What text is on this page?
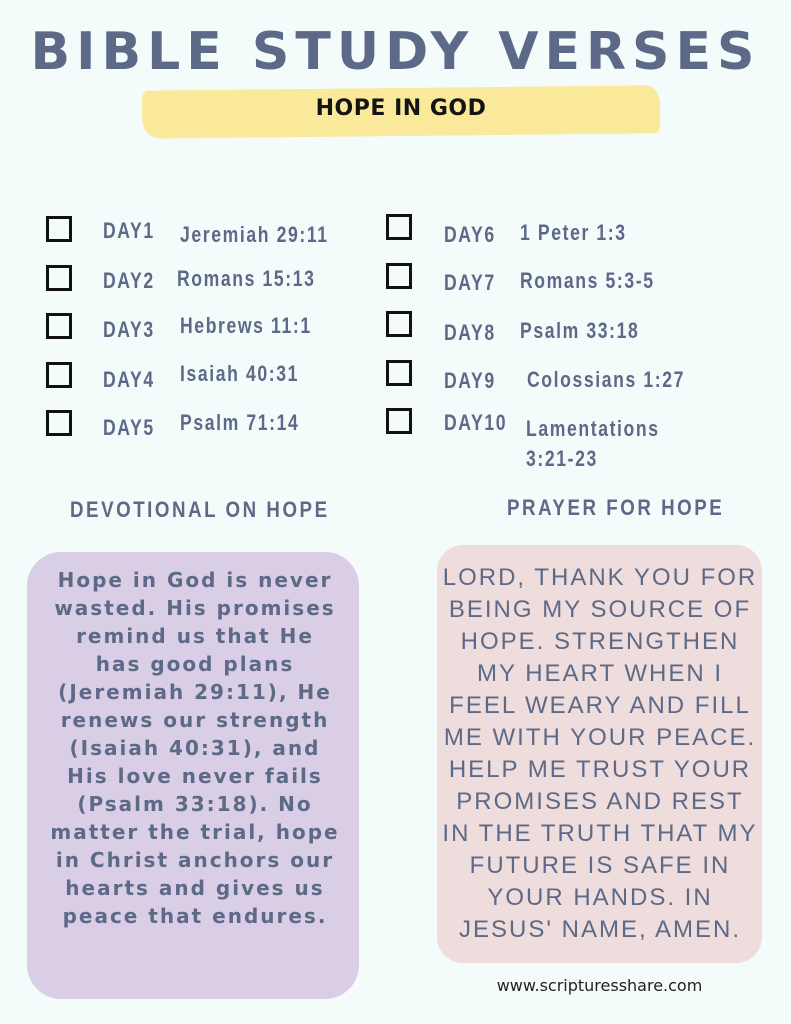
BIBLE STUDY VERSES
HOPE IN GOD
DAY1 Jeremiah 29:11
DAY2 Romans 15:13
DAY3 Hebrews 11:1
DAY4 Isaiah 40:31
DAY5 Psalm 71:14
DAY6 1 Peter 1:3
DAY7 Romans 5:3-5
DAY8 Psalm 33:18
DAY9 Colossians 1:27
DAY10 Lamentations 3:21-23
DEVOTIONAL ON HOPE	PRAYER FOR HOPE
Hope in God is never wasted. His promises remind us that He has good plans (Jeremiah 29:11), He renews our strength (Isaiah 40:31), and His love never fails (Psalm 33:18). No matter the trial, hope in Christ anchors our hearts and gives us peace that endures.
LORD, THANK YOU FOR BEING MY SOURCE OF HOPE. STRENGTHEN MY HEART WHEN I FEEL WEARY AND FILL ME WITH YOUR PEACE. HELP ME TRUST YOUR PROMISES AND REST IN THE TRUTH THAT MY FUTURE IS SAFE IN YOUR HANDS. IN JESUS' NAME, AMEN.
www.scripturesshare.com
